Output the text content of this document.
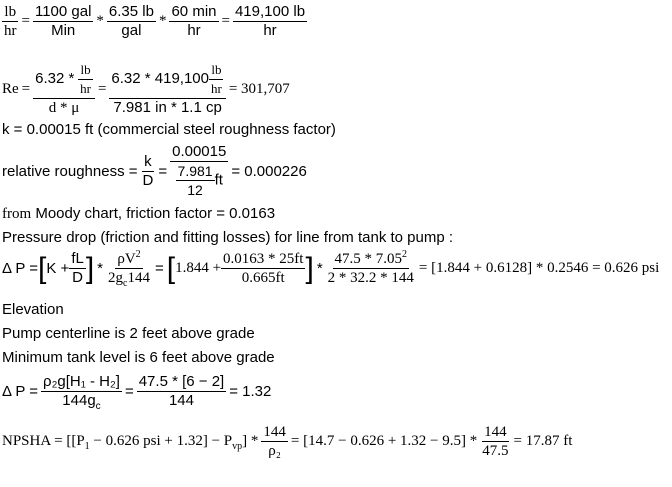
$\frac{lb}{hr}$ =
1100 gal
Min
*
6.35 lb
gal
*
60 min
hr
= $\frac{419,100 lb}{hr}$
Re =
$6.32 * \frac{lb}{hr}$
d * μ
=
$6.32 * 419,100 \frac{lb}{hr}$
7.981 in * 1.1 cp
= 301,707
k = 0.00015 ft (commercial steel roughness factor)
relative roughness = $\frac{k}{D} = \frac{0.00015}{\frac{7.981}{12} ft} = 0.000226$
from Moody chart, friction factor = 0.0163
Pressure drop (friction and fitting losses) for line from tank to pump :
Δ $P =[K + \frac{fL}{D}$ ] * $\frac{\rho V^2}{2g_c144} = [1.844 + \frac{0.0163 * 25ft}{0.665ft}$ ] * $\frac{47.5 * 7.05^2}{2 * 32.2 * 144} = [1.844 + 0.6128] * 0.2546 = 0.626$ psi
Elevation
Pump centerline is 2 feet above grade
Minimum tank level is 6 feet above grade
Δ $P = \frac{\text{ρ₂g[H₁ - H₂]}}{144g_c} = \frac{47.5 * [6 - 2]}{144} = 1.32$
NPSHA = [[$P_1 - 0.626$ psi + $1.32] - P_{vp}] * \frac{144}{\text{ρ₂}} = [14.7 - 0.626 + 1.32 - 9.5] * \frac{144}{47.5} = 17.87$ ft
